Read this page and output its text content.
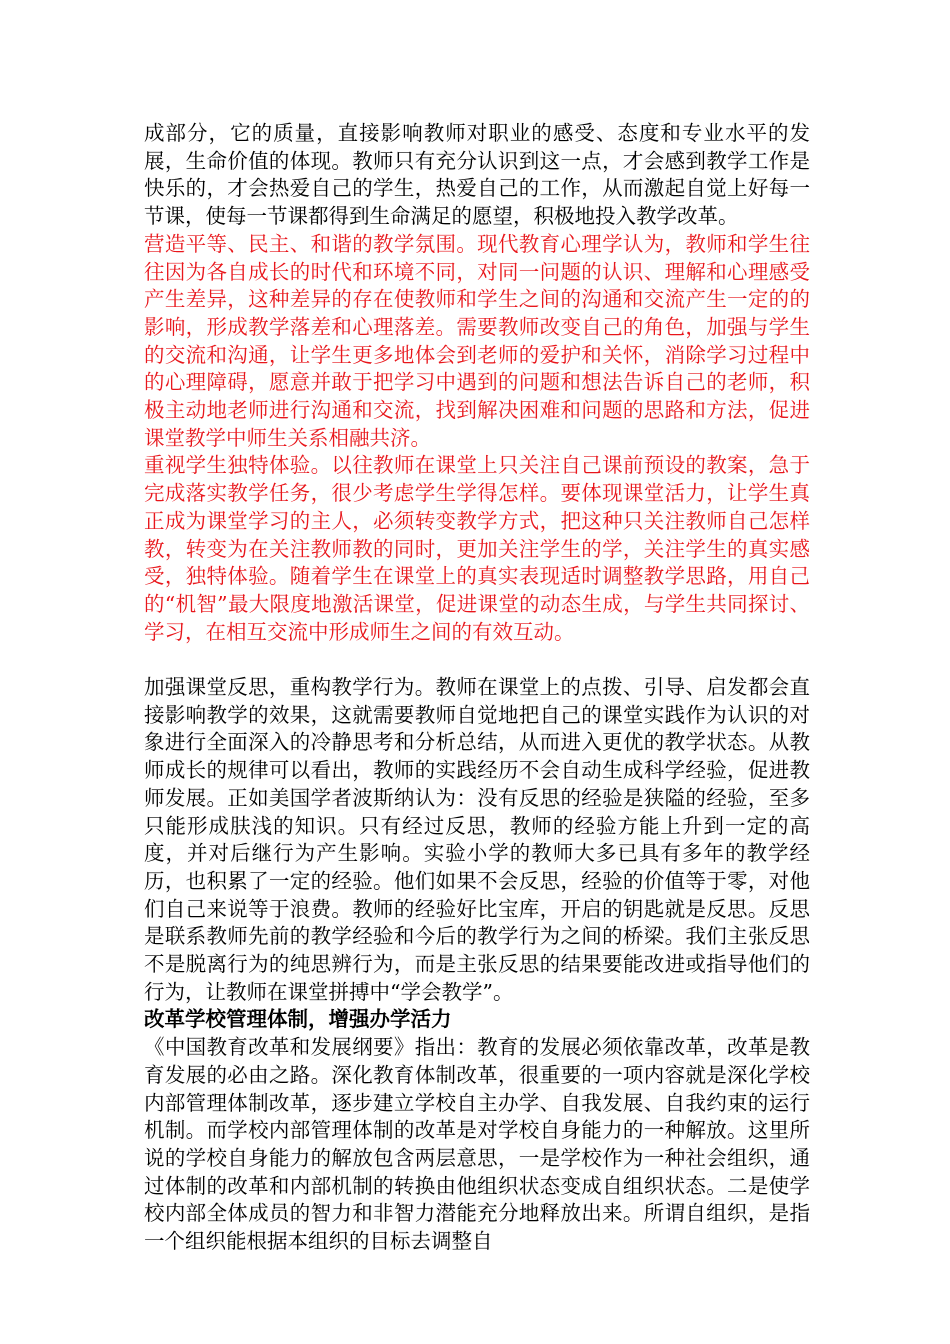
成部分，它的质量，直接影响教师对职业的感受、态度和专业水平的发展，生命价值的体现。教师只有充分认识到这一点，才会感到教学工作是快乐的，才会热爱自己的学生，热爱自己的工作，从而激起自觉上好每一节课，使每一节课都得到生命满足的愿望，积极地投入教学改革。

营造平等、民主、和谐的教学氛围。现代教育心理学认为，教师和学生往往因为各自成长的时代和环境不同，对同一问题的认识、理解和心理感受产生差异，这种差异的存在使教师和学生之间的沟通和交流产生一定的的影响，形成教学落差和心理落差。需要教师改变自己的角色，加强与学生的交流和沟通，让学生更多地体会到老师的爱护和关怀，消除学习过程中的心理障碍，愿意并敢于把学习中遇到的问题和想法告诉自己的老师，积极主动地老师进行沟通和交流，找到解决困难和问题的思路和方法，促进课堂教学中师生关系相融共济。

重视学生独特体验。以往教师在课堂上只关注自己课前预设的教案，急于完成落实教学任务，很少考虑学生学得怎样。要体现课堂活力，让学生真正成为课堂学习的主人，必须转变教学方式，把这种只关注教师自己怎样教，转变为在关注教师教的同时，更加关注学生的学，关注学生的真实感受，独特体验。随着学生在课堂上的真实表现适时调整教学思路，用自己的“机智”最大限度地激活课堂，促进课堂的动态生成，与学生共同探讨、学习，在相互交流中形成师生之间的有效互动。

加强课堂反思，重构教学行为。教师在课堂上的点拨、引导、启发都会直接影响教学的效果，这就需要教师自觉地把自己的课堂实践作为认识的对象进行全面深入的冷静思考和分析总结，从而进入更优的教学状态。从教师成长的规律可以看出，教师的实践经历不会自动生成科学经验，促进教师发展。正如美国学者波斯纳认为：没有反思的经验是狭隘的经验，至多只能形成肤浅的知识。只有经过反思，教师的经验方能上升到一定的高度，并对后继行为产生影响。实验小学的教师大多已具有多年的教学经历，也积累了一定的经验。他们如果不会反思，经验的价值等于零，对他们自己来说等于浪费。教师的经验好比宝库，开启的钥匙就是反思。反思是联系教师先前的教学经验和今后的教学行为之间的桥梁。我们主张反思不是脱离行为的纯思辨行为，而是主张反思的结果要能改进或指导他们的行为，让教师在课堂拼搏中“学会教学”。

改革学校管理体制，增强办学活力

《中国教育改革和发展纲要》指出：教育的发展必须依靠改革，改革是教育发展的必由之路。深化教育体制改革，很重要的一项内容就是深化学校内部管理体制改革，逐步建立学校自主办学、自我发展、自我约束的运行机制。而学校内部管理体制的改革是对学校自身能力的一种解放。这里所说的学校自身能力的解放包含两层意思，一是学校作为一种社会组织，通过体制的改革和内部机制的转换由他组织状态变成自组织状态。二是使学校内部全体成员的智力和非智力潜能充分地释放出来。所谓自组织，是指一个组织能根据本组织的目标去调整自
